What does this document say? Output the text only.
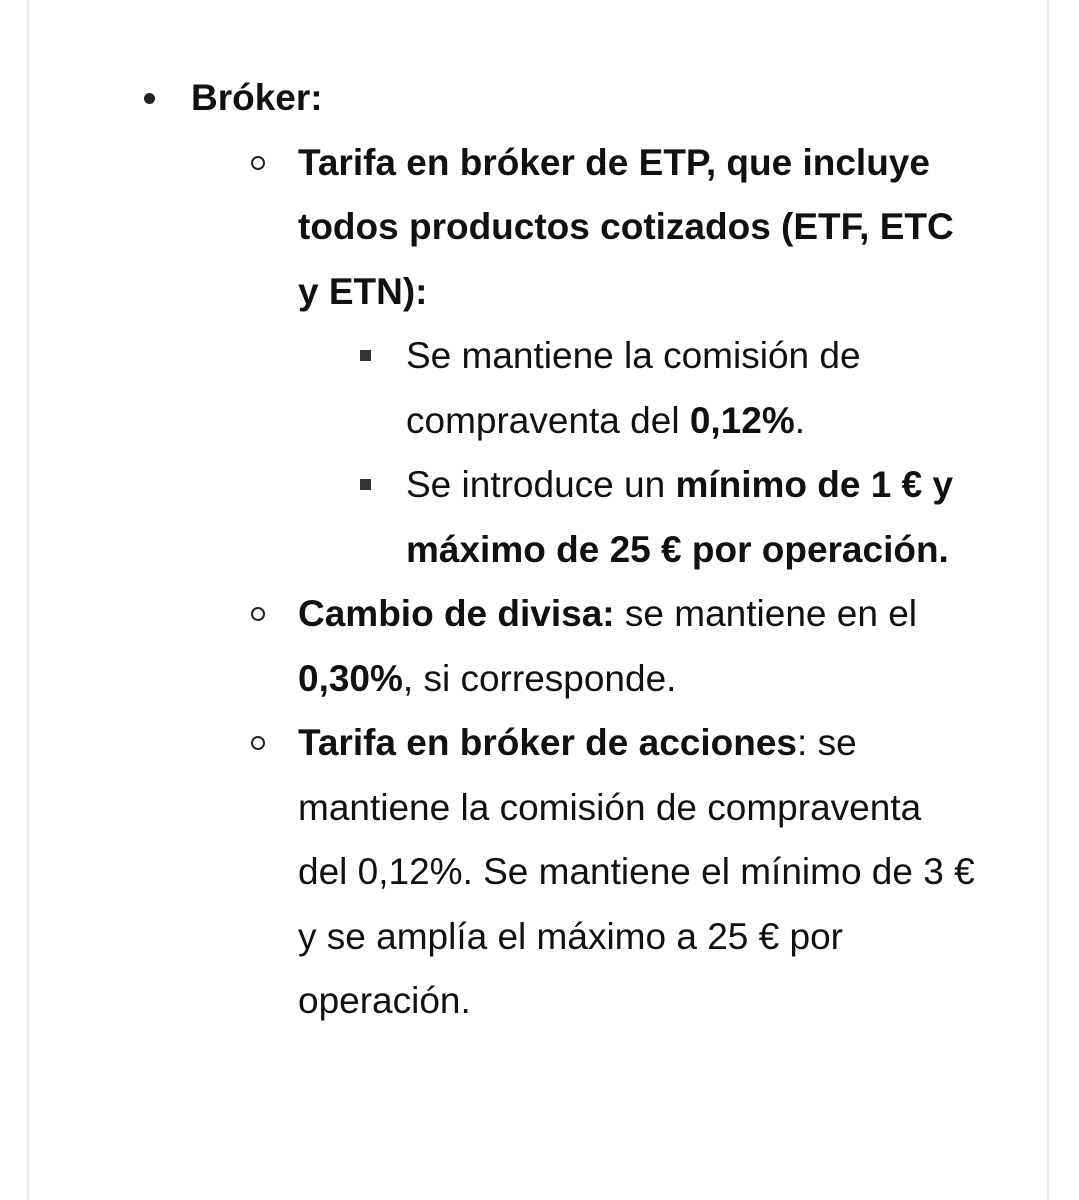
Bróker:
Tarifa en bróker de ETP, que incluye todos productos cotizados (ETF, ETC y ETN):
Se mantiene la comisión de compraventa del 0,12%.
Se introduce un mínimo de 1 € y máximo de 25 € por operación.
Cambio de divisa: se mantiene en el 0,30%, si corresponde.
Tarifa en bróker de acciones: se mantiene la comisión de compraventa del 0,12%. Se mantiene el mínimo de 3 € y se amplía el máximo a 25 € por operación.
